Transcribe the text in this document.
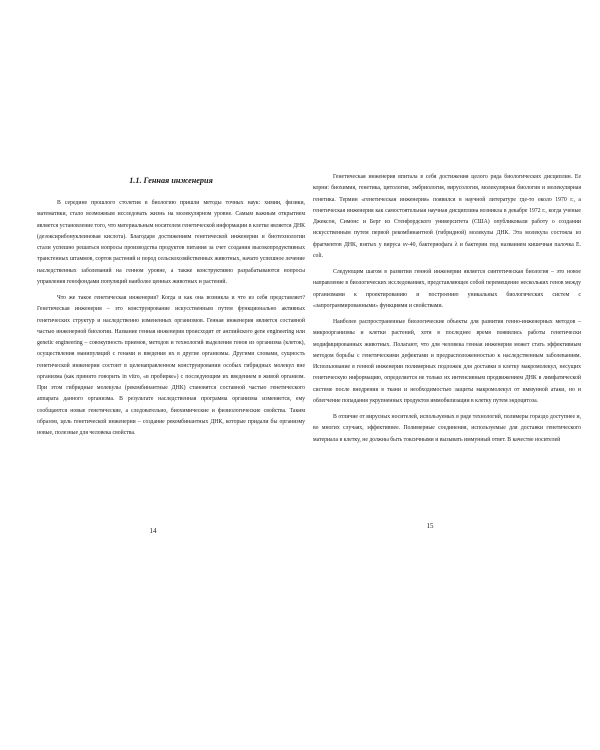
1.1. Генная инженерия

В середине прошлого столетия в биологию пришли методы точных наук: химии, физики, математики, стало возможным исследовать жизнь на молекулярном уровне. Самым важным открытием является установление того, что материальным носителем генетической информации в клетке является ДНК (дезоксирибонуклеиновая кислота). Благодаря достижениям генетической инженерии и биотехнологии стали успешно решаться вопросы производства продуктов питания за счет создания высокопродуктивных трансгенных штаммов, сортов растений и пород сельскохозяйственных животных, начато успешное лечение наследственных заболеваний на генном уровне, а также конструктивно разрабатываются вопросы управления генофондами популяций наиболее ценных животных и растений.

Что же такое генетическая инженерия? Когда и как она возникла и что из себя представляет? Генетическая инженерия – это конструирование искусственным путем функционально активных генетических структур и наследственно измененных организмов. Генная инженерия является составной частью инженерной биологии. Название генная инженерия происходит от английского gene engineering или genetic engineering – совокупность приемов, методов и технологий выделения генов из организма (клеток), осуществления манипуляций с генами и введения их в другие организмы. Другими словами, сущность генетической инженерии состоит в целенаправленном конструировании особых гибридных молекул вне организма (как принято говорить in vitro, «в пробирке») с последующим их введением в живой организм. При этом гибридные молекулы (рекомбинантные ДНК) становятся составной частью генетического аппарата данного организма. В результате наследственная программа организма изменяется, ему сообщаются новые генетические, а следовательно, биохимические и физиологические свойства. Таким образом, цель генетической инженерии – создание рекомбинантных ДНК, которые придали бы организму новые, полезные для человека свойства.

14

Генетическая инженерия впитала в себя достижения целого ряда биологических дисциплин. Ее корни: биохимия, генетика, цитология, эмбриология, вирусология, молекулярная биология и молекулярная генетика. Термин «генетическая инженерия» появился в научной литературе где-то около 1970 г., а генетическая инженерия как самостоятельная научная дисциплина возникла в декабре 1972 г., когда ученые Джексон, Симонс и Берг из Стенфордского университета (США) опубликовали работу о создании искусственным путем первой рекомбинантной (гибридной) молекулы ДНК. Эта молекула состояла из фрагментов ДНК, взятых у вируса sv-40, бактериофага λ и бактерии под названием кишечная палочка E. coli.

Следующим шагом в развитии генной инженерии является синтетическая биология – это новое направление в биологических исследованиях, представляющее собой перемещение нескольких генов между организмами к проектированию и построению уникальных биологических систем с «запрограммированными» функциями и свойствами.

Наиболее распространенные биологические объекты для развития генно-инженерных методов – микроорганизмы и клетки растений, хотя в последнее время появились работы генетически модифицированных животных. Полагают, что для человека генная инженерия может стать эффективным методом борьбы с генетическими дефектами и предрасположенностью к наследственным заболеваниям. Использование в генной инженерии полимерных подложек для доставки в клетку макромолекул, несущих генетическую информацию, определяется не только их интенсивным продвижением ДНК в лимфатической системе после внедрения в ткани и необходимостью защиты макромолекул от иммунной атаки, но и облегчение попадания укрупненных продуктов иммобилизации в клетку путем эндоцитоза.

В отличие от вирусных носителей, используемых в ряде технологий, полимеры гораздо доступнее и, во многих случаях, эффективнее. Полимерные соединения, используемые для доставки генетического материала в клетку, не должны быть токсичными и вызывать иммунный ответ. В качестве носителей

15
